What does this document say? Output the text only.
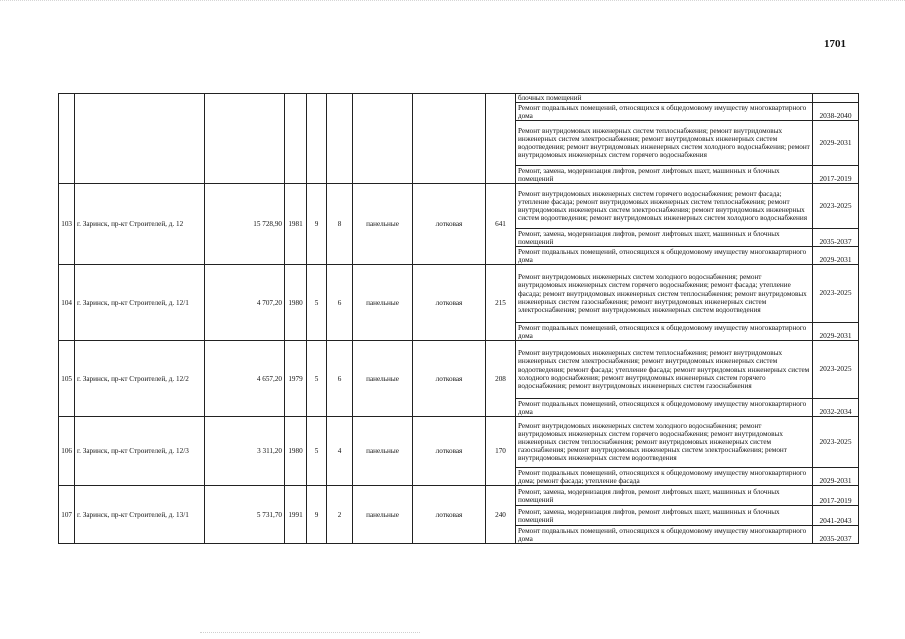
1701
									блочных помещений	
									Ремонт подвальных помещений, относящихся к общедомовому имуществу многоквартирного дома	2038-2040
									Ремонт внутридомовых инженерных систем теплоснабжения; ремонт внутридомовых инженерных систем электроснабжения; ремонт внутридомовых инженерных систем водоотведения; ремонт внутридомовых инженерных систем холодного водоснабжения; ремонт внутридомовых инженерных систем горячего водоснабжения	2029-2031
									Ремонт, замена, модернизация лифтов, ремонт лифтовых шахт, машинных и блочных помещений	2017-2019
103	г. Заринск, пр-кт Строителей, д. 12	15 728,90	1981	9	8	панельные	лотковая	641	Ремонт внутридомовых инженерных систем горячего водоснабжения; ремонт фасада; утепление фасада; ремонт внутридомовых инженерных систем теплоснабжения; ремонт внутридомовых инженерных систем электроснабжения; ремонт внутридомовых инженерных систем водоотведения; ремонт внутридомовых инженерных систем холодного водоснабжения	2023-2025
									Ремонт, замена, модернизация лифтов, ремонт лифтовых шахт, машинных и блочных помещений	2035-2037
									Ремонт подвальных помещений, относящихся к общедомовому имуществу многоквартирного дома	2029-2031
104	г. Заринск, пр-кт Строителей, д. 12/1	4 707,20	1980	5	6	панельные	лотковая	215	Ремонт внутридомовых инженерных систем холодного водоснабжения; ремонт внутридомовых инженерных систем горячего водоснабжения; ремонт фасада; утепление фасада; ремонт внутридомовых инженерных систем теплоснабжения; ремонт внутридомовых инженерных систем газоснабжения; ремонт внутридомовых инженерных систем электроснабжения; ремонт внутридомовых инженерных систем водоотведения	2023-2025
									Ремонт подвальных помещений, относящихся к общедомовому имуществу многоквартирного дома	2029-2031
105	г. Заринск, пр-кт Строителей, д. 12/2	4 657,20	1979	5	6	панельные	лотковая	208	Ремонт внутридомовых инженерных систем теплоснабжения; ремонт внутридомовых инженерных систем электроснабжения; ремонт внутридомовых инженерных систем водоотведения; ремонт фасада; утепление фасада; ремонт внутридомовых инженерных систем холодного водоснабжения; ремонт внутридомовых инженерных систем горячего водоснабжения; ремонт внутридомовых инженерных систем газоснабжения	2023-2025
									Ремонт подвальных помещений, относящихся к общедомовому имуществу многоквартирного дома	2032-2034
106	г. Заринск, пр-кт Строителей, д. 12/3	3 311,20	1980	5	4	панельные	лотковая	170	Ремонт внутридомовых инженерных систем холодного водоснабжения; ремонт внутридомовых инженерных систем горячего водоснабжения; ремонт внутридомовых инженерных систем теплоснабжения; ремонт внутридомовых инженерных систем газоснабжения; ремонт внутридомовых инженерных систем электроснабжения; ремонт внутридомовых инженерных систем водоотведения	2023-2025
									Ремонт подвальных помещений, относящихся к общедомовому имуществу многоквартирного дома; ремонт фасада; утепление фасада	2029-2031
107	г. Заринск, пр-кт Строителей, д. 13/1	5 731,70	1991	9	2	панельные	лотковая	240	Ремонт, замена, модернизация лифтов, ремонт лифтовых шахт, машинных и блочных помещений	2017-2019
									Ремонт, замена, модернизация лифтов, ремонт лифтовых шахт, машинных и блочных помещений	2041-2043
									Ремонт подвальных помещений, относящихся к общедомовому имуществу многоквартирного дома	2035-2037
